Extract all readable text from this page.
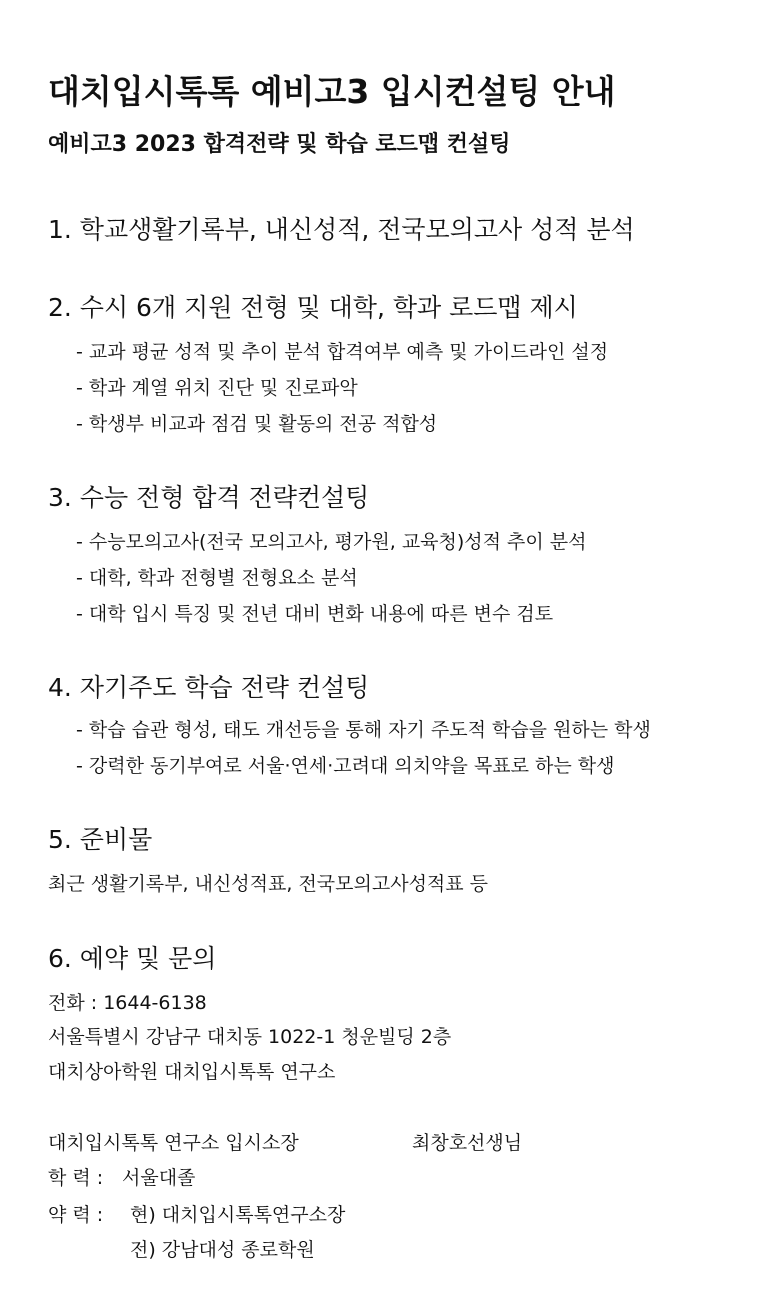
대치입시톡톡 예비고3 입시컨설팅 안내
예비고3 2023 합격전략 및 학습 로드맵 컨설팅
1. 학교생활기록부, 내신성적, 전국모의고사 성적 분석
2. 수시 6개 지원 전형 및 대학, 학과 로드맵 제시
- 교과 평균 성적 및 추이 분석 합격여부 예측 및 가이드라인 설정
- 학과 계열 위치 진단 및 진로파악
- 학생부 비교과 점검 및 활동의 전공 적합성
3. 수능 전형 합격 전략컨설팅
- 수능모의고사(전국 모의고사, 평가원, 교육청)성적 추이 분석
- 대학, 학과 전형별 전형요소 분석
- 대학 입시 특징 및 전년 대비 변화 내용에 따른 변수 검토
4. 자기주도 학습 전략 컨설팅
- 학습 습관 형성, 태도 개선등을 통해 자기 주도적 학습을 원하는 학생
- 강력한 동기부여로 서울·연세·고려대 의치약을 목표로 하는 학생
5. 준비물
최근 생활기록부, 내신성적표, 전국모의고사성적표 등
6. 예약 및 문의
전화 : 1644-6138
서울특별시 강남구 대치동 1022-1 청운빌딩 2층
대치상아학원 대치입시톡톡 연구소
대치입시톡톡 연구소 입시소장	최창호선생님
학 력 : 서울대졸
약 력 : 현) 대치입시톡톡연구소장
전) 강남대성 종로학원
